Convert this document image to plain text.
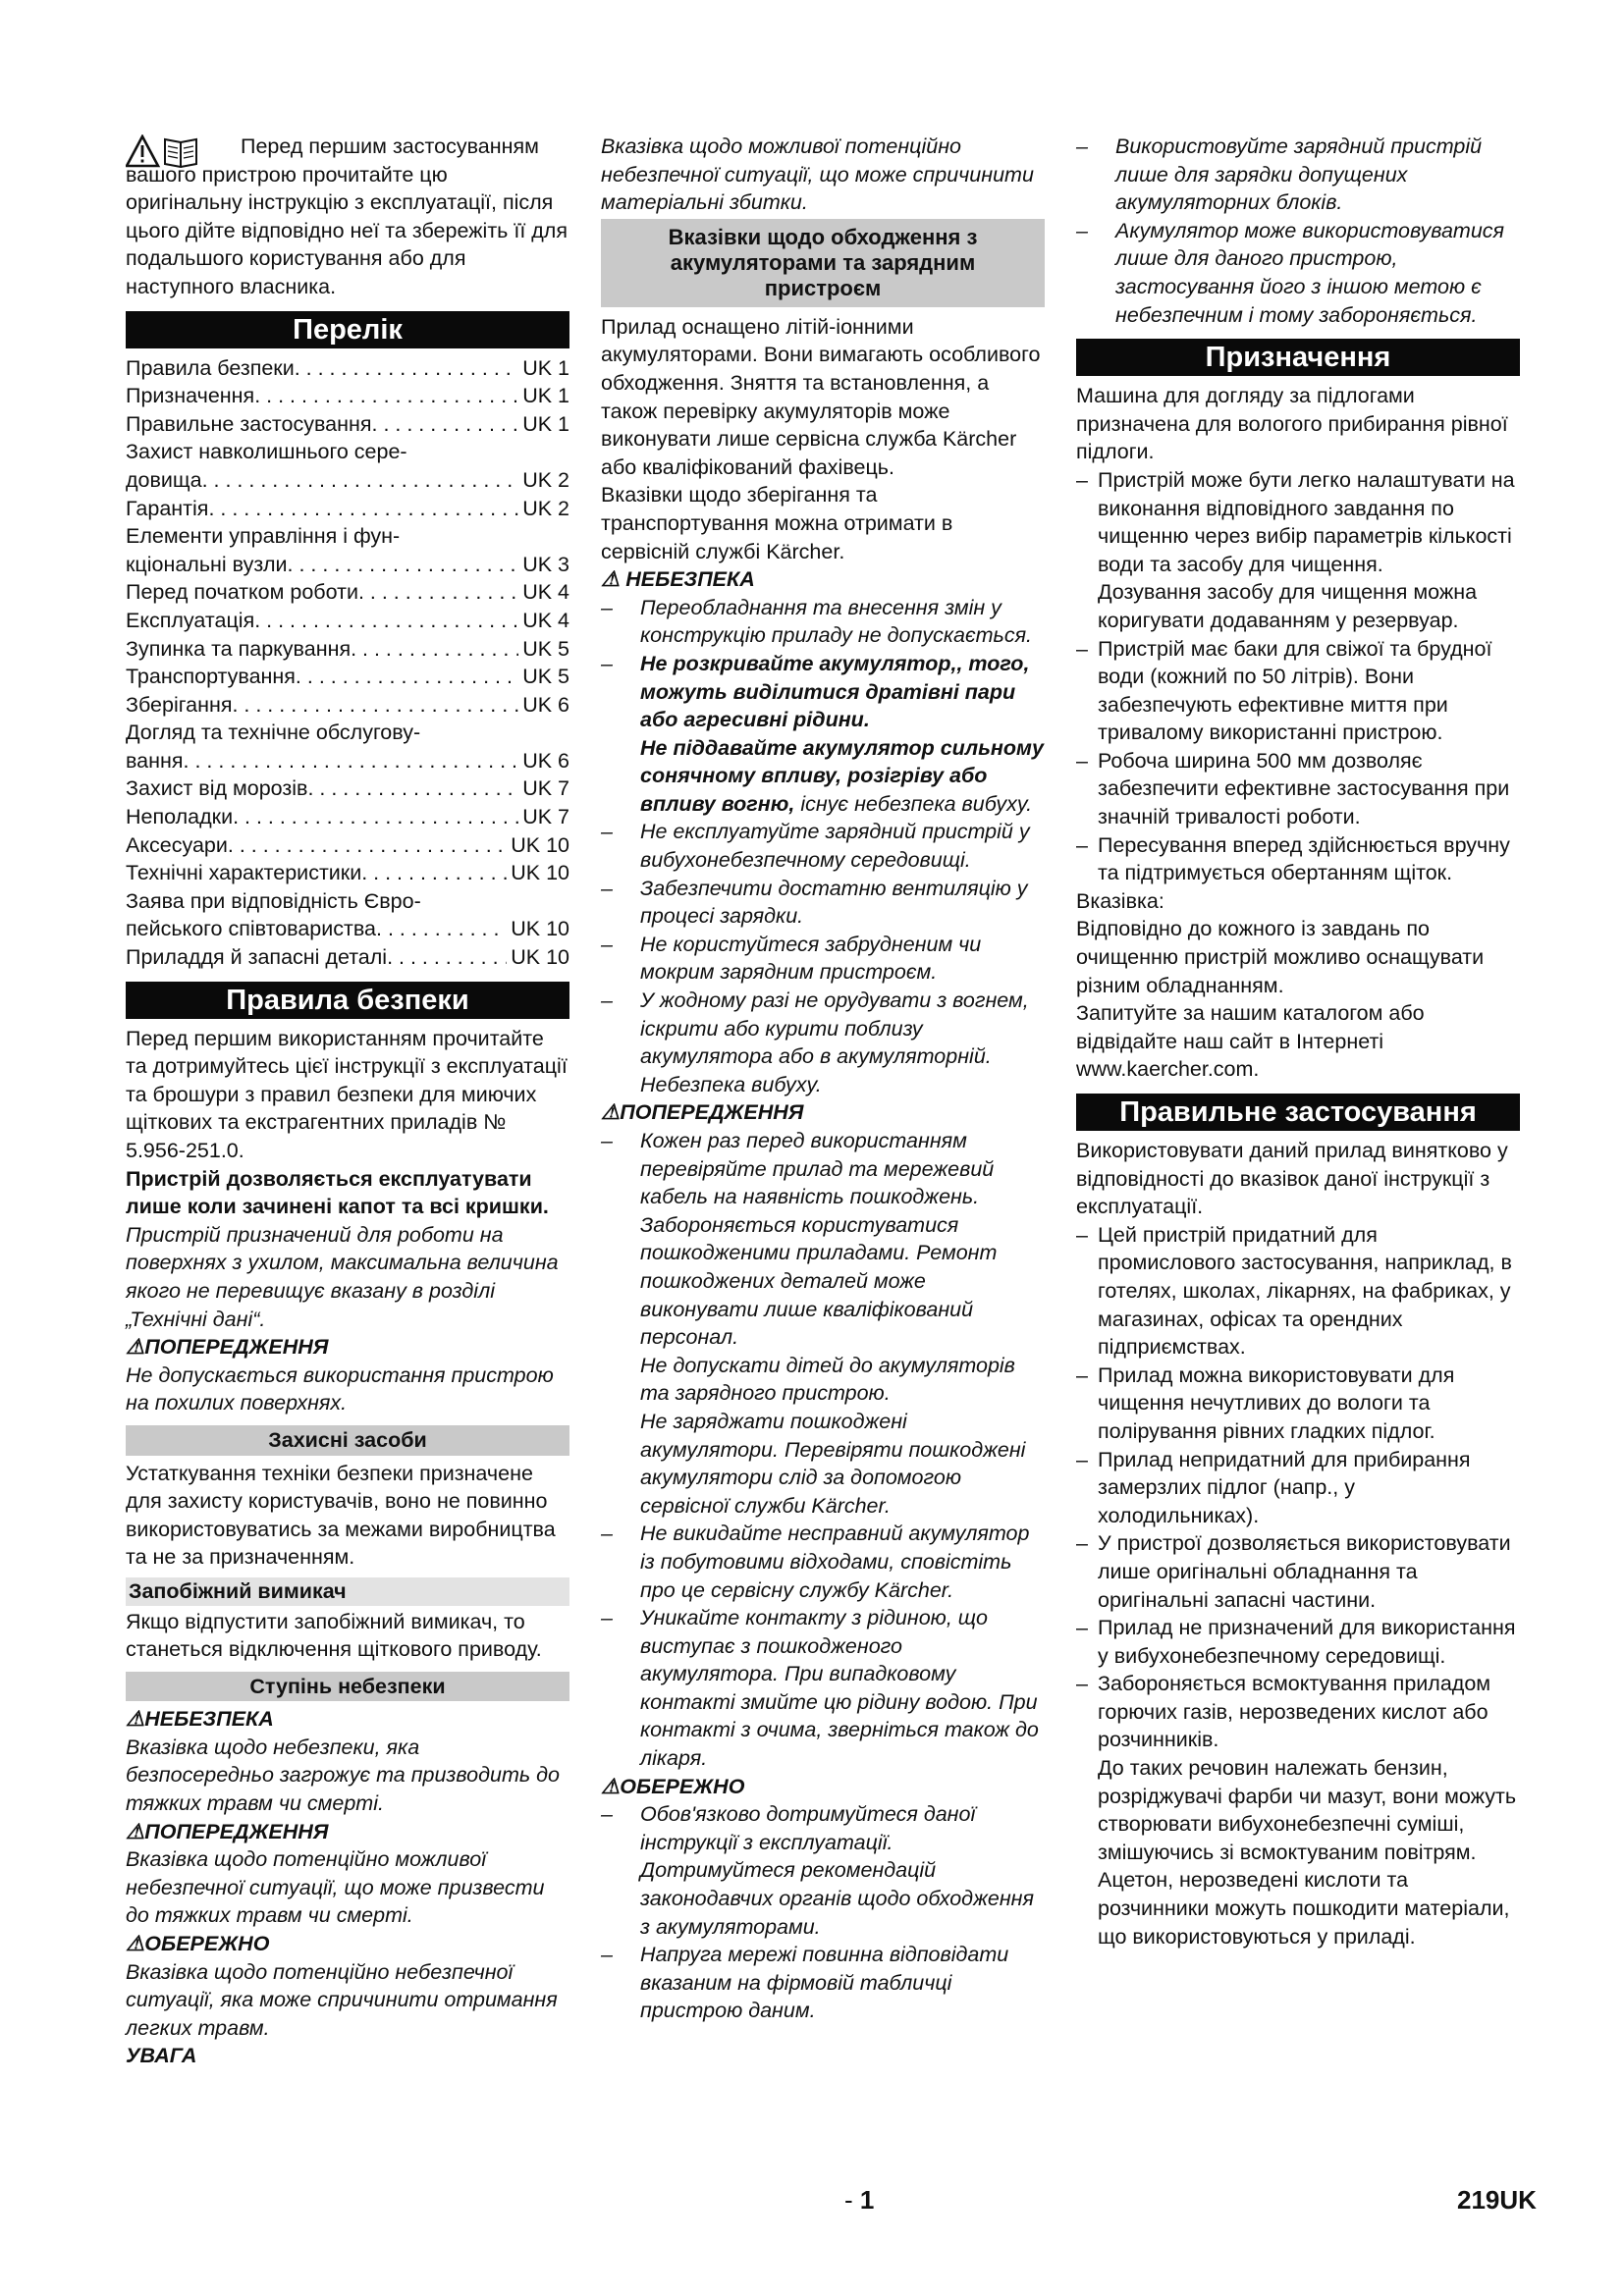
Перед першим застосуванням

вашого пристрою прочитайте цю оригінальну інструкцію з експлуатації, після цього дійте відповідно неї та збережіть її для подальшого користування або для наступного власника.

Перелік
Правила безпеки . . .	UK 1
Призначення . . .	UK 1
Правильне застосування . . .	UK 1
Захист навколишнього сере-
довища . . .	UK 2
Гарантія . . .	UK 2
Елементи управління і фун-
кціональні вузли . . .	UK 3
Перед початком роботи . . .	UK 4
Експлуатація . . .	UK 4
Зупинка та паркування . . .	UK 5
Транспортування . . .	UK 5
Зберігання . . .	UK 6
Догляд та технічне обслугову-
вання . . .	UK 6
Захист від морозів . . .	UK 7
Неполадки . . .	UK 7
Аксесуари . . .	UK 10
Технічні характеристики . . .	UK 10
Заява при відповідність Євро-
пейського співтовариства . . .	UK 10
Приладдя й запасні деталі . . .	UK 10
Правила безпеки

Перед першим використанням прочитайте та дотримуйтесь цієї інструкції з експлуатації та брошури з правил безпеки для миючих щіткових та екстрагентних приладів № 5.956-251.0.

Пристрій дозволяється експлуатувати лише коли зачинені капот та всі кришки.

Пристрій призначений для роботи на поверхнях з ухилом, максимальна величина якого не перевищує вказану в розділі „Технічні дані“.

⚠ПОПЕРЕДЖЕННЯ

Не допускається використання пристрою на похилих поверхнях.

Захисні засоби

Устаткування техніки безпеки призначене для захисту користувачів, воно не повинно використовуватись за межами виробництва та не за призначенням.

Запобіжний вимикач

Якщо відпустити запобіжний вимикач, то станеться відключення щіткового приводу.

Ступінь небезпеки

⚠НЕБЕЗПЕКА

Вказівка щодо небезпеки, яка безпосередньо загрожує та призводить до тяжких травм чи смерті.

⚠ПОПЕРЕДЖЕННЯ

Вказівка щодо потенційно можливої небезпечної ситуації, що може призвести до тяжких травм чи смерті.

⚠ОБЕРЕЖНО

Вказівка щодо потенційно небезпечної ситуації, яка може спричинити отримання легких травм.

УВАГА

Вказівка щодо можливої потенційно небезпечної ситуації, що може спричинити матеріальні збитки.

Вказівки щодо обходження з акумуляторами та зарядним пристроєм

Прилад оснащено літій-іонними акумуляторами. Вони вимагають особливого обходження. Зняття та встановлення, а також перевірку акумуляторів може виконувати лише сервісна служба Kärcher або кваліфікований фахівець.

Вказівки щодо зберігання та транспортування можна отримати в сервісній службі Kärcher.

⚠ НЕБЕЗПЕКА

– Переобладнання та внесення змін у конструкцію приладу не допускається.
– Не розкривайте акумулятор,, того, можуть виділитися дратівні пари або агресивні рідини.
Не піддавайте акумулятор сильному сонячному впливу, розігріву або впливу вогню, існує небезпека вибуху.
– Не експлуатуйте зарядний пристрій у вибухонебезпечному середовищі.
– Забезпечити достатню вентиляцію у процесі зарядки.
– Не користуйтеся забрудненим чи мокрим зарядним пристроєм.
– У жодному разі не орудувати з вогнем, іскрити або курити поблизу акумулятора або в акумуляторній. Небезпека вибуху.

⚠ПОПЕРЕДЖЕННЯ

– Кожен раз перед використанням перевіряйте прилад та мережевий кабель на наявність пошкоджень. Забороняється користуватися пошкодженими приладами. Ремонт пошкоджених деталей може виконувати лише кваліфікований персонал.
Не допускати дітей до акумуляторів та зарядного пристрою.
Не заряджати пошкоджені акумулятори. Перевіряти пошкоджені акумулятори слід за допомогою сервісної служби Kärcher.
– Не викидайте несправний акумулятор із побутовими відходами, сповістіть про це сервісну службу Kärcher.
– Уникайте контакту з рідиною, що виступає з пошкодженого акумулятора. При випадковому контакті змийте цю рідину водою. При контакті з очима, зверніться також до лікаря.

⚠ОБЕРЕЖНО

– Обов'язково дотримуйтеся даної інструкції з експлуатації. Дотримуйтеся рекомендацій законодавчих органів щодо обходження з акумуляторами.
– Напруга мережі повинна відповідати вказаним на фірмовій табличці пристрою даним.
– Використовуйте зарядний пристрій лише для зарядки допущених акумуляторних блоків.
– Акумулятор може використовуватися лише для даного пристрою, застосування його з іншою метою є небезпечним і тому забороняється.
Призначення

Машина для догляду за підлогами призначена для вологого прибирання рівної підлоги.

– Пристрій може бути легко налаштувати на виконання відповідного завдання по чищенню через вибір параметрів кількості води та засобу для чищення.
Дозування засобу для чищення можна коригувати додаванням у резервуар.
– Пристрій має баки для свіжої та брудної води (кожний по 50 літрів). Вони забезпечують ефективне миття при тривалому використанні пристрою.
– Робоча ширина 500 мм дозволяє забезпечити ефективне застосування при значній тривалості роботи.
– Пересування вперед здійснюється вручну та підтримується обертанням щіток.

Вказівка:

Відповідно до кожного із завдань по очищенню пристрій можливо оснащувати різним обладнанням.

Запитуйте за нашим каталогом або відвідайте наш сайт в Інтернеті www.kaercher.com.

Правильне застосування

Використовувати даний прилад винятково у відповідності до вказівок даної інструкції з експлуатації.

– Цей пристрій придатний для промислового застосування, наприклад, в готелях, школах, лікарнях, на фабриках, у магазинах, офісах та орендних підприємствах.
– Прилад можна використовувати для чищення нечутливих до вологи та полірування рівних гладких підлог.
– Прилад непридатний для прибирання замерзлих підлог (напр., у холодильниках).
– У пристрої дозволяється використовувати лише оригінальні обладнання та оригінальні запасні частини.
– Прилад не призначений для використання у вибухонебезпечному середовищі.
– Забороняється всмоктування приладом горючих газів, нерозведених кислот або розчинників.
До таких речовин належать бензин, розріджувачі фарби чи мазут, вони можуть створювати вибухонебезпечні суміші, змішуючись зі всмоктуваним повітрям. Ацетон, нерозведені кислоти та розчинники можуть пошкодити матеріали, що використовуються у приладі.
- 1	219UK
